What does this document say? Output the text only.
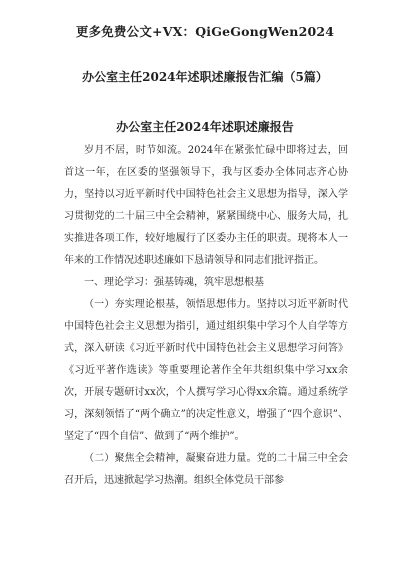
更多免费公文+VX：QiGeGongWen2024
办公室主任2024年述职述廉报告汇编（5篇）
办公室主任2024年述职述廉报告

岁月不居，时节如流。2024年在紧张忙碌中即将过去，回首这一年，在区委的坚强领导下，我与区委办全体同志齐心协力，坚持以习近平新时代中国特色社会主义思想为指导，深入学习贯彻党的二十届三中全会精神，紧紧围绕中心、服务大局，扎实推进各项工作，较好地履行了区委办主任的职责。现将本人一年来的工作情况述职述廉如下恳请领导和同志们批评指正。

一、理论学习：强基铸魂，筑牢思想根基

（一）夯实理论根基，领悟思想伟力。坚持以习近平新时代中国特色社会主义思想为指引，通过组织集中学习个人自学等方式，深入研读《习近平新时代中国特色社会主义思想学习问答》《习近平著作选读》等重要理论著作全年共组织集中学习xx余次，开展专题研讨xx次，个人撰写学习心得xx余篇。通过系统学习，深刻领悟了“两个确立”的决定性意义，增强了“四个意识”、坚定了“四个自信”、做到了“两个维护”。

（二）聚焦全会精神，凝聚奋进力量。党的二十届三中全会召开后，迅速掀起学习热潮。组织全体党员干部参
